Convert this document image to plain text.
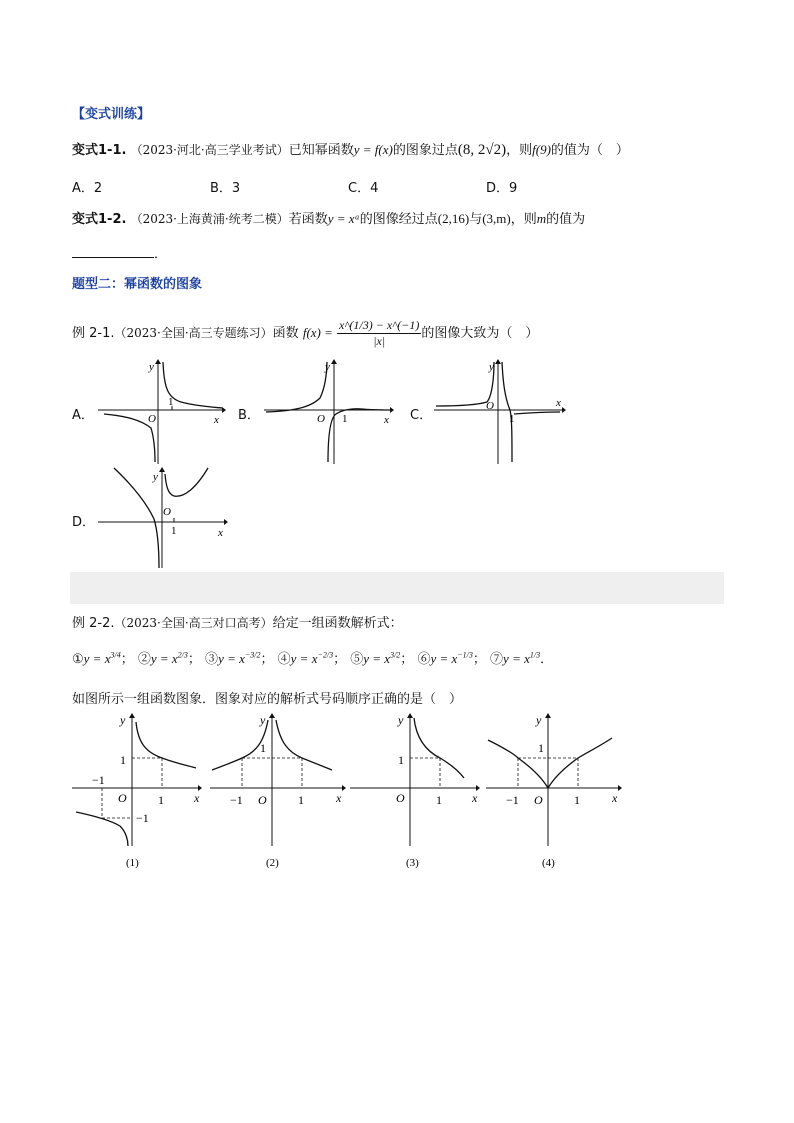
【变式训练】
变式1-1. （2023·河北·高三学业考试）已知幂函数y = f(x)的图象过点(8, 2√2)，则f(9)的值为（　）
A．2	B．3	C．4	D．9
变式1-2. （2023·上海黄浦·统考二模）若函数y = xᵃ的图像经过点(2,16)与(3,m)，则m的值为
．
题型二：幂函数的图象
例 2-1.（2023·全国·高三专题练习）函数 $f(x) = \frac{x\^{}(1/3) - x\^{}(-1)}{|x|}$ 的图像大致为（　）
A．	B．	C．
D．
O
1
y
x	O 1
y
x
O
1
y
x
O
1
y
x
例 2-2.（2023·全国·高三对口高考）给定一组函数解析式：
①y = $x^{3/4}$； ②y = $x^{2/3}$； ③y = $x^{-3/2}$； ④y = $x^{-2/3}$； ⑤y = $x^{3/2}$； ⑥y = $x^{-1/3}$； ⑦y = $x^{1/3}$．
如图所示一组函数图象．图象对应的解析式号码顺序正确的是（　）
1
−1
O	1
−1
y
x
(1)
1
−1 O	1
y
x
(2)
1
O	1
y
x
(3)
1
−1 O	1
y
x
(4)
